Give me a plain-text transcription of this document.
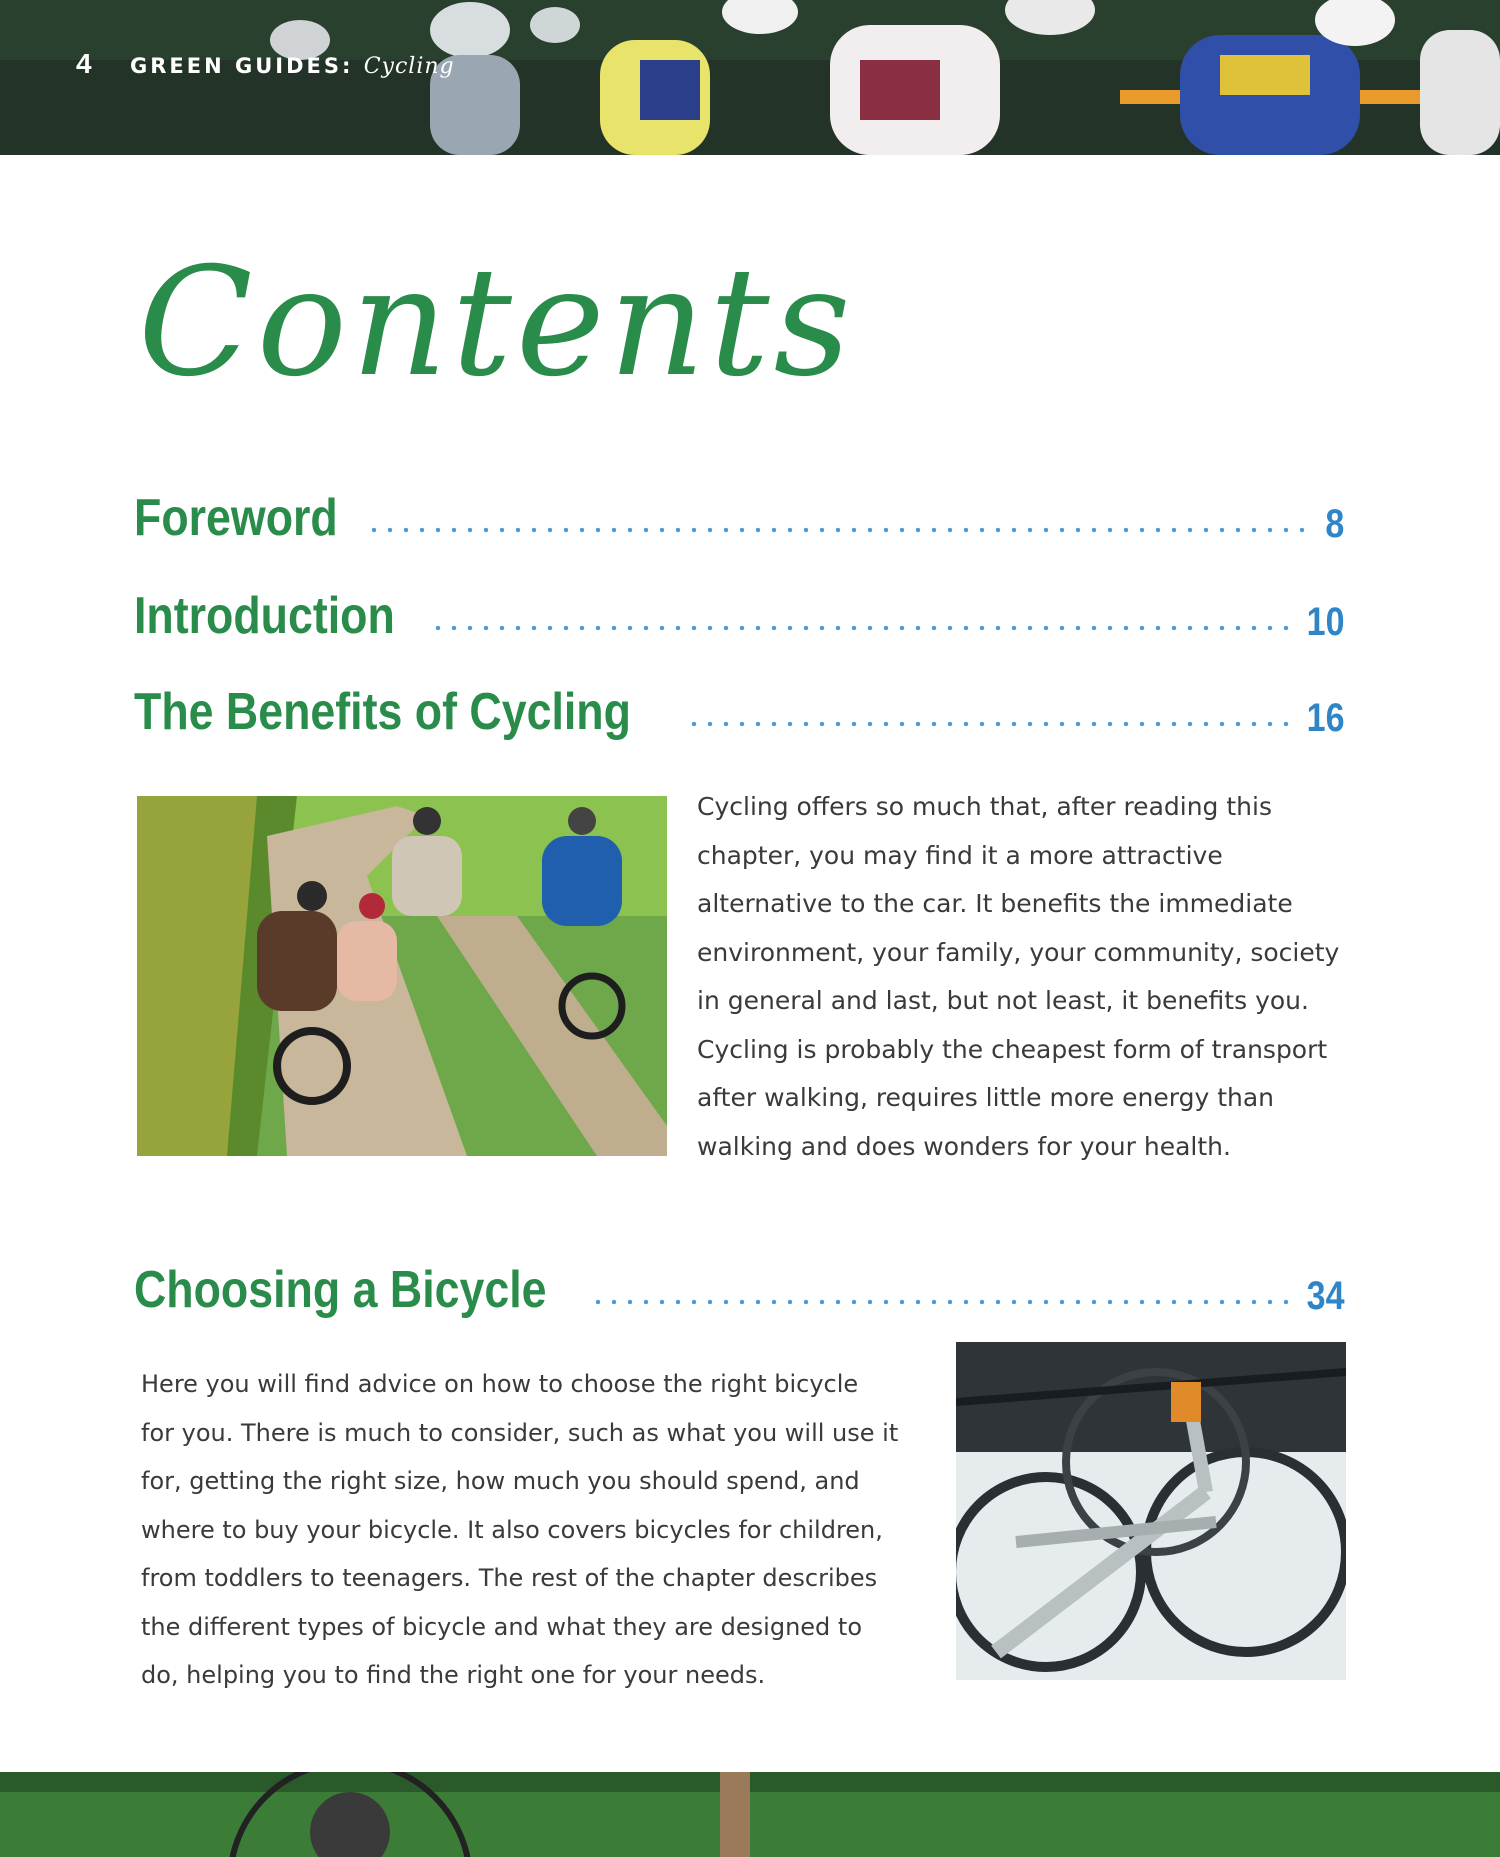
4 GREEN GUIDES: Cycling
Contents
Foreword	8
Introduction	10
The Benefits of Cycling	16
Cycling offers so much that, after reading this
chapter, you may find it a more attractive
alternative to the car. It benefits the immediate
environment, your family, your community, society
in general and last, but not least, it benefits you.
Cycling is probably the cheapest form of transport
after walking, requires little more energy than
walking and does wonders for your health.
Choosing a Bicycle	34
Here you will find advice on how to choose the right bicycle
for you. There is much to consider, such as what you will use it
for, getting the right size, how much you should spend, and
where to buy your bicycle. It also covers bicycles for children,
from toddlers to teenagers. The rest of the chapter describes
the different types of bicycle and what they are designed to
do, helping you to find the right one for your needs.
